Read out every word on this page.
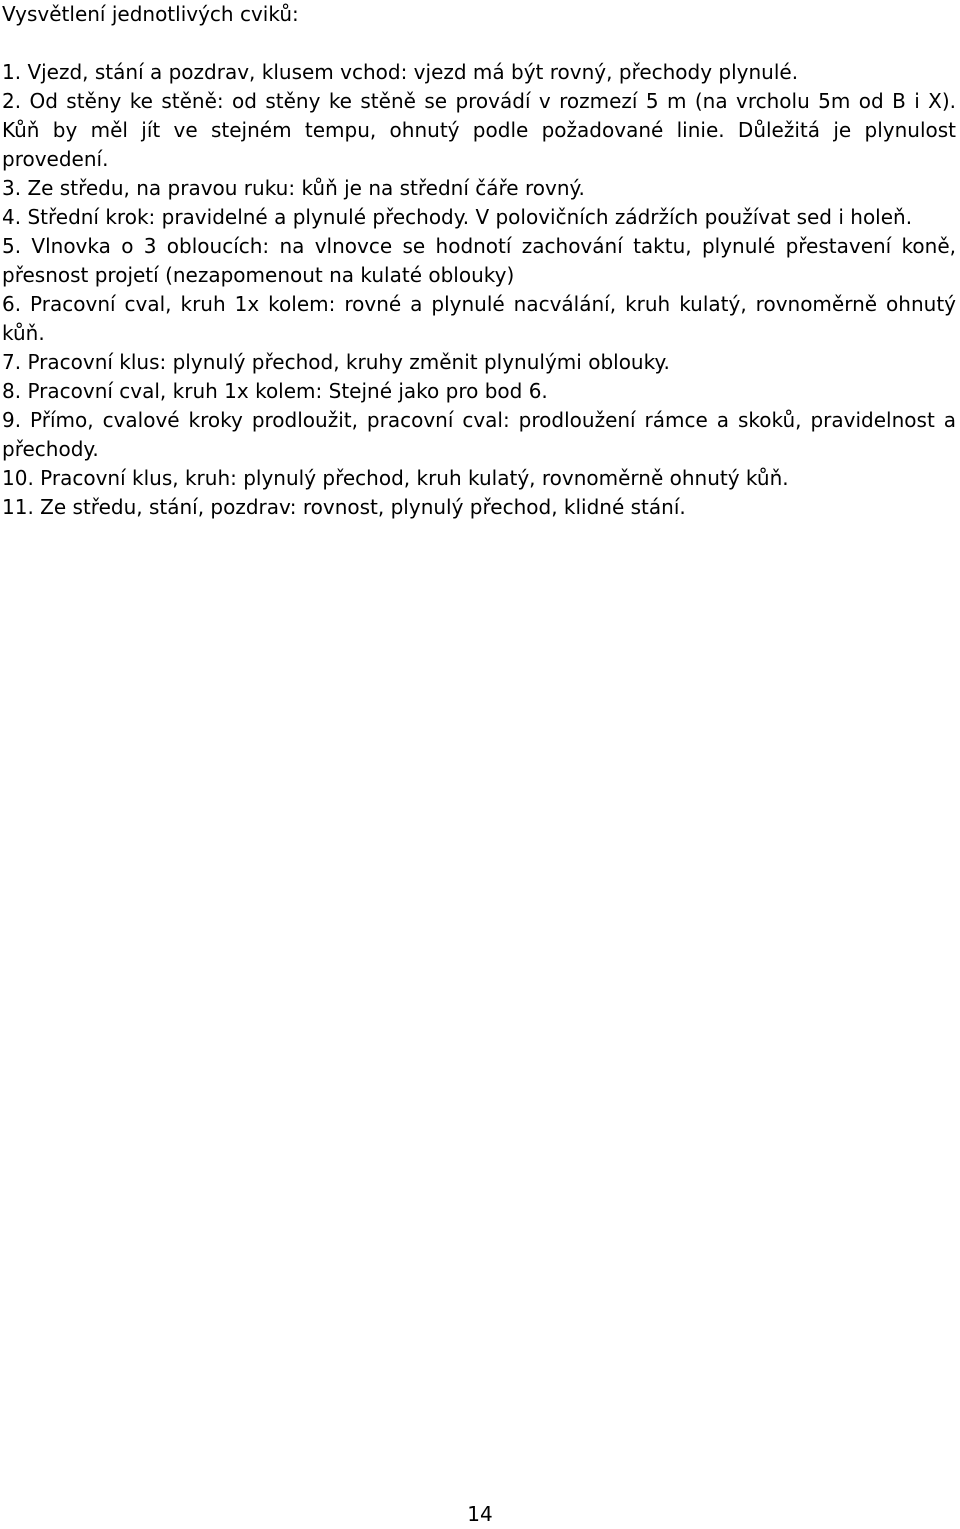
Vysvětlení jednotlivých cviků:

1. Vjezd, stání a pozdrav, klusem vchod: vjezd má být rovný, přechody plynulé.

2. Od stěny ke stěně: od stěny ke stěně se provádí v rozmezí 5 m (na vrcholu 5m od B i X). Kůň by měl jít ve stejném tempu, ohnutý podle požadované linie. Důležitá je plynulost provedení.

3. Ze středu, na pravou ruku: kůň je na střední čáře rovný.

4. Střední krok: pravidelné a plynulé přechody. V polovičních zádržích používat sed i holeň.

5. Vlnovka o 3 obloucích: na vlnovce se hodnotí zachování taktu, plynulé přestavení koně, přesnost projetí (nezapomenout na kulaté oblouky)

6. Pracovní cval, kruh 1x kolem: rovné a plynulé nacválání, kruh kulatý, rovnoměrně ohnutý kůň.

7. Pracovní klus: plynulý přechod, kruhy změnit plynulými oblouky.

8. Pracovní cval, kruh 1x kolem: Stejné jako pro bod 6.

9. Přímo, cvalové kroky prodloužit, pracovní cval: prodloužení rámce a skoků, pravidelnost a přechody.

10. Pracovní klus, kruh: plynulý přechod, kruh kulatý, rovnoměrně ohnutý kůň.

11. Ze středu, stání, pozdrav: rovnost, plynulý přechod, klidné stání.

14
